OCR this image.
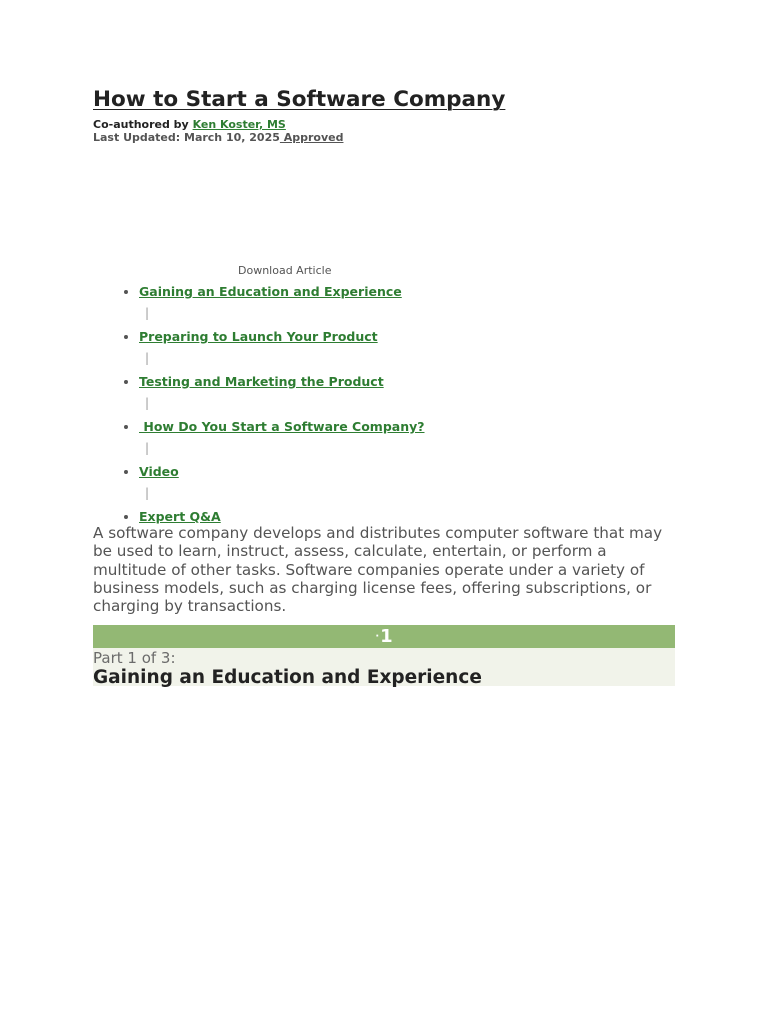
How to Start a Software Company
Co-authored by Ken Koster, MS
Last Updated: March 10, 2025 Approved
Download Article
• Gaining an Education and Experience
|
• Preparing to Launch Your Product
|
• Testing and Marketing the Product
|
•  How Do You Start a Software Company?
|
• Video
|
• Expert Q&A

A software company develops and distributes computer software that may be used to learn, instruct, assess, calculate, entertain, or perform a multitude of other tasks. Software companies operate under a variety of business models, such as charging license fees, offering subscriptions, or charging by transactions.

·1
Part 1 of 3:
Gaining an Education and Experience
